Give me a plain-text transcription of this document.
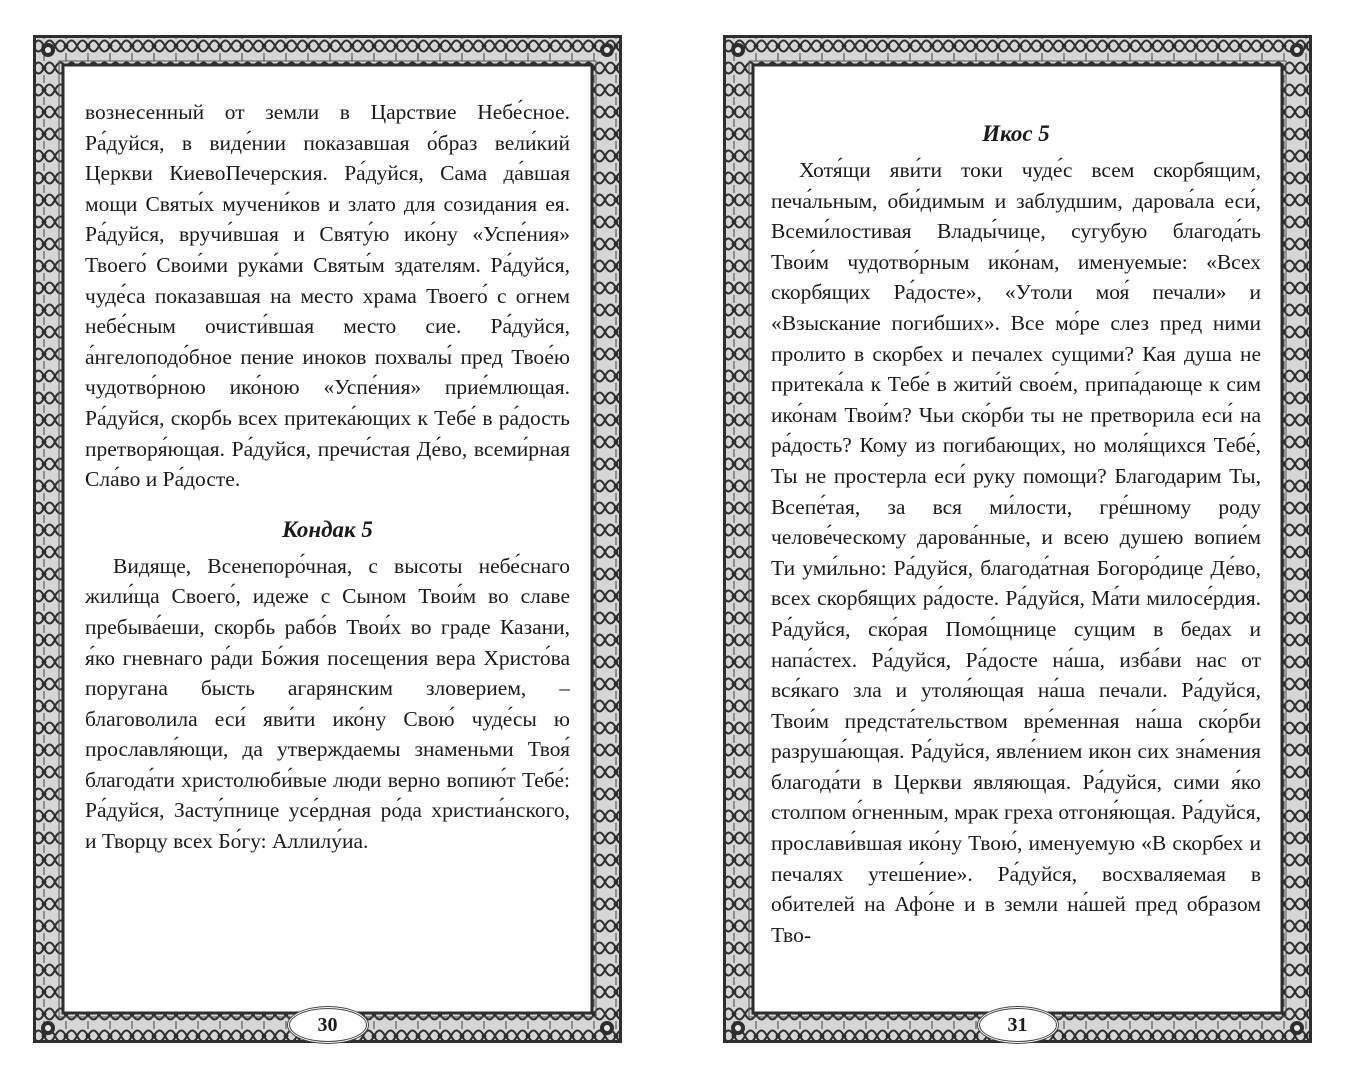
вознесенный от земли в Царствие Небе́сное. Ра́дуйся, в виде́нии показавшая о́браз вели́кий Церкви КиевоПечерския. Ра́дуйся, Сама да́вшая мощи Святы́х мучени́ков и злато для созидания ея. Ра́дуйся, вручи́вшая и Святу́ю ико́ну «Успе́ния» Твоего́ Свои́ми рука́ми Святы́м здателям. Ра́дуйся, чуде́са показавшая на место храма Твоего́ с огнем небе́сным очисти́вшая место сие. Ра́дуйся, а́нгелоподо́бное пение иноков похвалы́ пред Твое́ю чудотво́рною ико́ною «Успе́ния» прие́млющая. Ра́дуйся, скорбь всех притека́ющих к Тебе́ в ра́дость претворя́ющая. Ра́дуйся, пречи́стая Де́во, всеми́рная Сла́во и Ра́достe.

Кондак 5

Видяще, Всенепоро́чная, с высоты небе́снаго жили́ща Своего́, идеже с Сыном Твои́м во славе пребыва́еши, скорбь рабо́в Твои́х во граде Казани, я́ко гневнаго ра́ди Бо́жия посещения вера Христо́ва поругана бысть агарянским зловерием, – благоволила еси́ яви́ти ико́ну Свою́ чуде́сы ю прославля́ющи, да утверждаемы знаменьми Твоя́ благода́ти христолюби́вые люди верно вопию́т Тебе́: Ра́дуйся, Засту́пнице усе́рдная ро́да христиа́нского, и Творцу всех Бо́гу: Аллилу́иа.

30
Икос 5

Хотя́щи яви́ти токи чуде́с всем скорбящим, печа́льным, оби́димым и заблудшим, дарова́ла еси́, Всеми́лостивая Влады́чице, сугубую благода́ть Твои́м чудотво́рным ико́нам, именуемые: «Всех скорбящих Ра́досте», «Утоли моя́ печали» и «Взыскание погибших». Все мо́ре слез пред ними пролито в скорбех и печалех сущими? Кая душа не притека́ла к Тебе́ в жити́й свое́м, припа́дающе к сим ико́нам Твои́м? Чьи ско́рби ты не претворила еси́ на ра́дость? Кому из погибающих, но моля́щихся Тебе́, Ты не простерла еси́ руку помощи? Благодарим Ты, Всепе́тая, за вся ми́лости, гре́шному роду челове́ческому дарова́нные, и всею душею вопие́м Ти уми́льно: Ра́дуйся, благода́тная Богоро́дице Де́во, всех скорбящих ра́досте. Ра́дуйся, Ма́ти милосе́рдия. Ра́дуйся, ско́рая Помо́щнице сущим в бедах и напа́стех. Ра́дуйся, Ра́досте на́ша, изба́ви нас от вся́каго зла и утоля́ющая на́ша печали. Ра́дуйся, Твои́м предста́тельством вре́менная на́ша ско́рби разруша́ющая. Ра́дуйся, явле́нием икон сих зна́мения благода́ти в Церкви являющая. Ра́дуйся, сими я́ко столпом о́гненным, мрак греха отгоня́ющая. Ра́дуйся, прослави́вшая ико́ну Твою́, именуемую «В скорбех и печалях утеше́ние». Ра́дуйся, восхваляемая в обителей на Афо́не и в земли на́шей пред образом Тво-

31
